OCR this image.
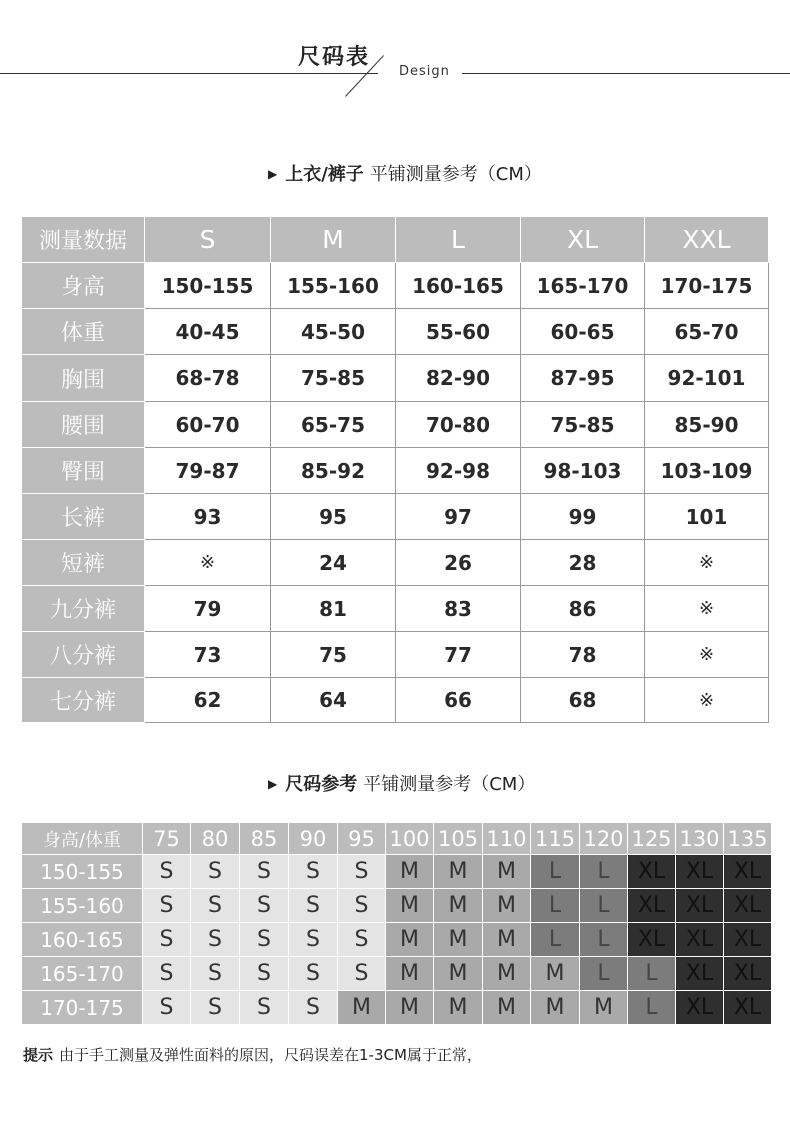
尺码表
Design
▶ 上衣/裤子 平铺测量参考（CM）
测量数据	S	M	L	XL	XXL
身高	150-155	155-160	160-165	165-170	170-175
体重	40-45	45-50	55-60	60-65	65-70
胸围	68-78	75-85	82-90	87-95	92-101
腰围	60-70	65-75	70-80	75-85	85-90
臀围	79-87	85-92	92-98	98-103	103-109
长裤	93	95	97	99	101
短裤	※	24	26	28	※
九分裤	79	81	83	86	※
八分裤	73	75	77	78	※
七分裤	62	64	66	68	※
▶ 尺码参考 平铺测量参考（CM）
身高/体重	75	80	85	90	95	100	105	110	115	120	125	130	135
150-155	S	S	S	S	S	M	M	M	L	L	XL	XL	XL
155-160	S	S	S	S	S	M	M	M	L	L	XL	XL	XL
160-165	S	S	S	S	S	M	M	M	L	L	XL	XL	XL
165-170	S	S	S	S	S	M	M	M	M	L	L	XL	XL
170-175	S	S	S	S	M	M	M	M	M	M	L	XL	XL
提示 由于手工测量及弹性面料的原因，尺码误差在1-3CM属于正常，
